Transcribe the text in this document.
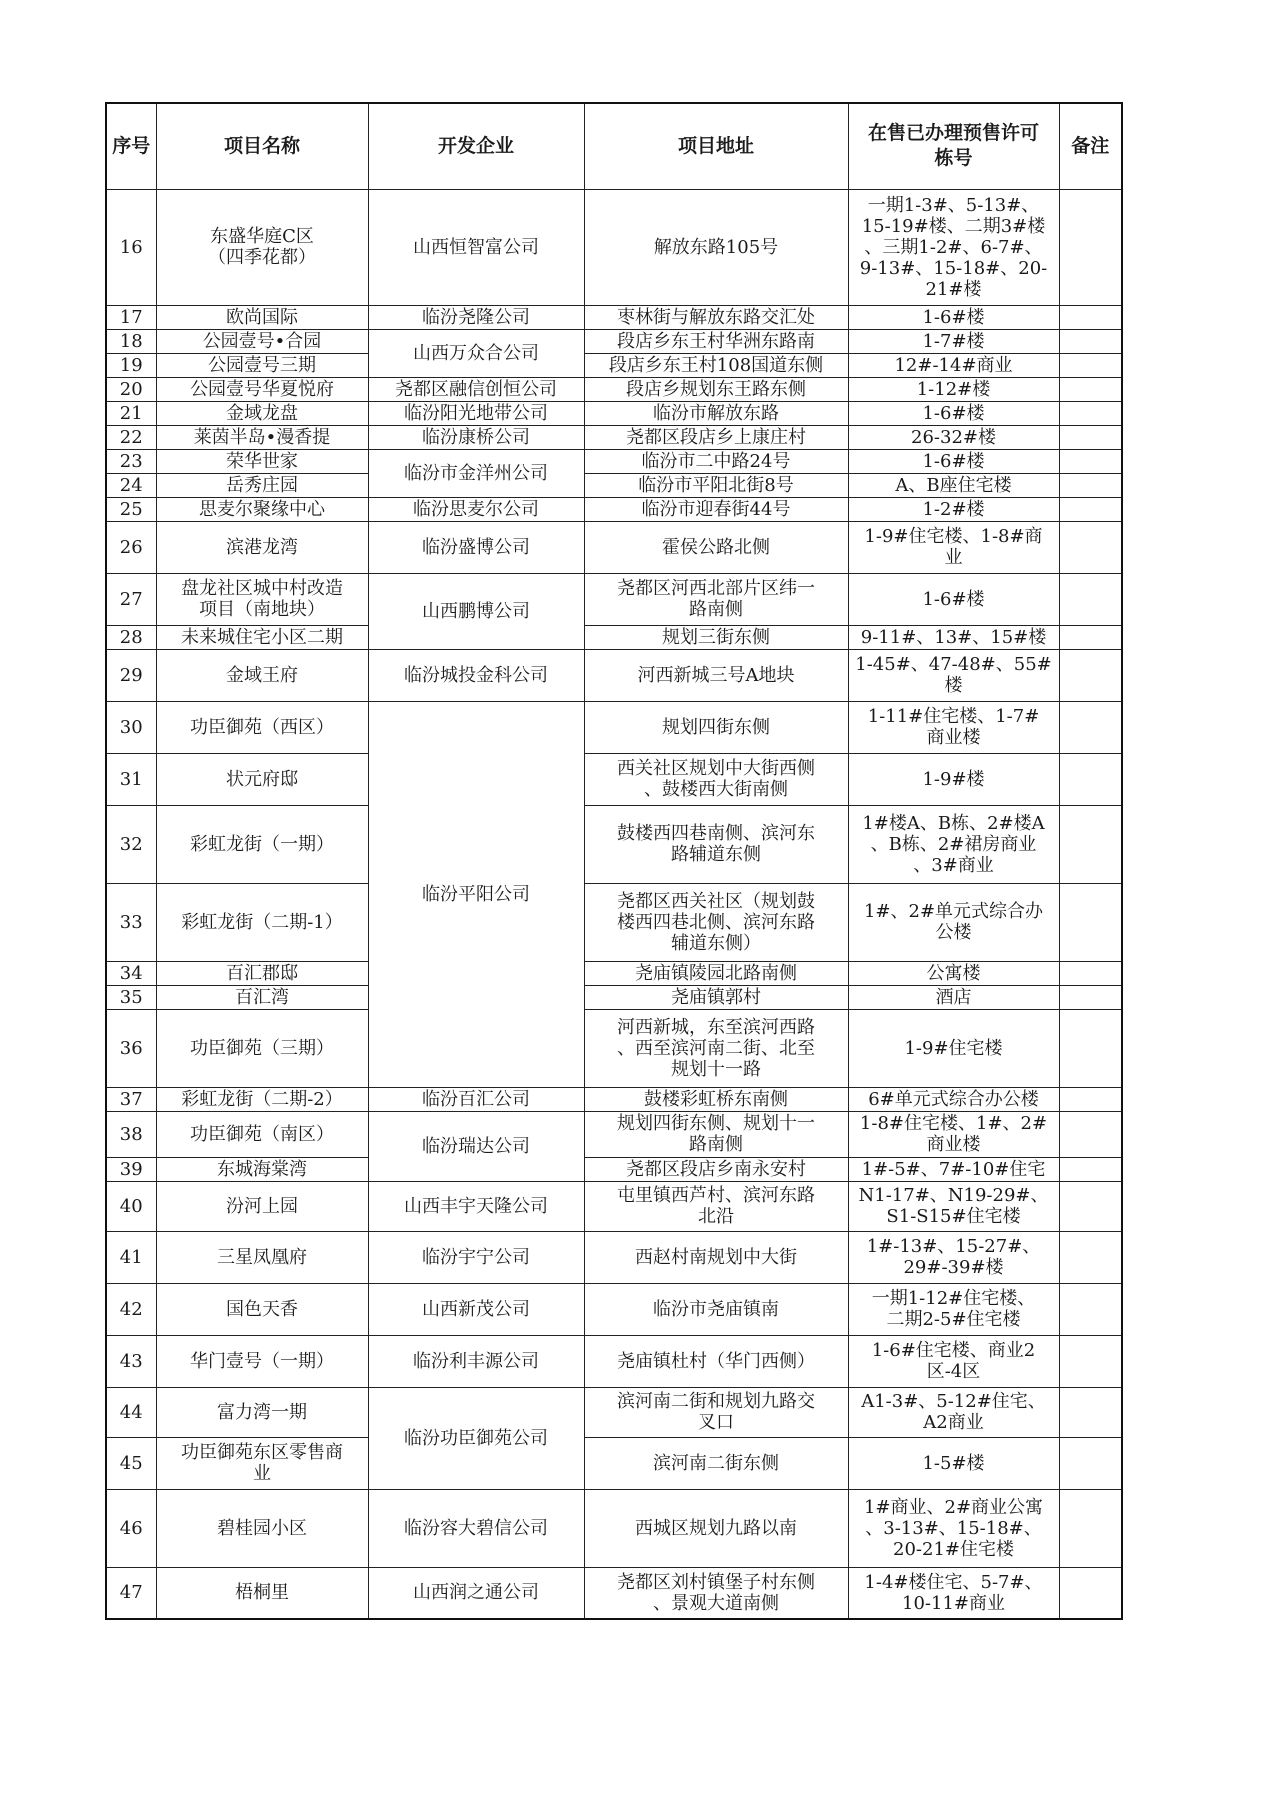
序号	项目名称	开发企业	项目地址	在售已办理预售许可
栋号	备注
16	东盛华庭C区
（四季花都）	山西恒智富公司	解放东路105号	一期1-3#、5-13#、
15-19#楼、二期3#楼
、三期1-2#、6-7#、
9-13#、15-18#、20-
21#楼	
17	欧尚国际	临汾尧隆公司	枣林街与解放东路交汇处	1-6#楼	
18	公园壹号•合园	山西万众合公司	段店乡东王村华洲东路南	1-7#楼	
19	公园壹号三期		段店乡东王村108国道东侧	12#-14#商业	
20	公园壹号华夏悦府	尧都区融信创恒公司	段店乡规划东王路东侧	1-12#楼	
21	金域龙盘	临汾阳光地带公司	临汾市解放东路	1-6#楼	
22	莱茵半岛•漫香提	临汾康桥公司	尧都区段店乡上康庄村	26-32#楼	
23	荣华世家	临汾市金洋州公司	临汾市二中路24号	1-6#楼	
24	岳秀庄园		临汾市平阳北街8号	A、B座住宅楼	
25	思麦尔聚缘中心	临汾思麦尔公司	临汾市迎春街44号	1-2#楼	
26	滨港龙湾	临汾盛博公司	霍侯公路北侧	1-9#住宅楼、1-8#商
业	
27	盘龙社区城中村改造
项目（南地块）	山西鹏博公司	尧都区河西北部片区纬一
路南侧	1-6#楼	
28	未来城住宅小区二期		规划三街东侧	9-11#、13#、15#楼	
29	金域王府	临汾城投金科公司	河西新城三号A地块	1-45#、47-48#、55#
楼	
30	功臣御苑（西区）	临汾平阳公司	规划四街东侧	1-11#住宅楼、1-7#
商业楼	
31	状元府邸		西关社区规划中大街西侧
、鼓楼西大街南侧	1-9#楼	
32	彩虹龙街（一期）		鼓楼西四巷南侧、滨河东
路辅道东侧	1#楼A、B栋、2#楼A
、B栋、2#裙房商业
、3#商业	
33	彩虹龙街（二期-1）		尧都区西关社区（规划鼓
楼西四巷北侧、滨河东路
辅道东侧）	1#、2#单元式综合办
公楼	
34	百汇郡邸		尧庙镇陵园北路南侧	公寓楼	
35	百汇湾		尧庙镇郭村	酒店	
36	功臣御苑（三期）		河西新城，东至滨河西路
、西至滨河南二街、北至
规划十一路	1-9#住宅楼	
37	彩虹龙街（二期-2）	临汾百汇公司	鼓楼彩虹桥东南侧	6#单元式综合办公楼	
38	功臣御苑（南区）	临汾瑞达公司	规划四街东侧、规划十一
路南侧	1-8#住宅楼、1#、2#
商业楼	
39	东城海棠湾		尧都区段店乡南永安村	1#-5#、7#-10#住宅	
40	汾河上园	山西丰宇天隆公司	屯里镇西芦村、滨河东路
北沿	N1-17#、N19-29#、
S1-S15#住宅楼	
41	三星凤凰府	临汾宇宁公司	西赵村南规划中大街	1#-13#、15-27#、
29#-39#楼	
42	国色天香	山西新茂公司	临汾市尧庙镇南	一期1-12#住宅楼、
二期2-5#住宅楼	
43	华门壹号（一期）	临汾利丰源公司	尧庙镇杜村（华门西侧）	1-6#住宅楼、商业2
区-4区	
44	富力湾一期	临汾功臣御苑公司	滨河南二街和规划九路交
叉口	A1-3#、5-12#住宅、
A2商业	
45	功臣御苑东区零售商
业		滨河南二街东侧	1-5#楼	
46	碧桂园小区	临汾容大碧信公司	西城区规划九路以南	1#商业、2#商业公寓
、3-13#、15-18#、
20-21#住宅楼	
47	梧桐里	山西润之通公司	尧都区刘村镇堡子村东侧
、景观大道南侧	1-4#楼住宅、5-7#、
10-11#商业	
